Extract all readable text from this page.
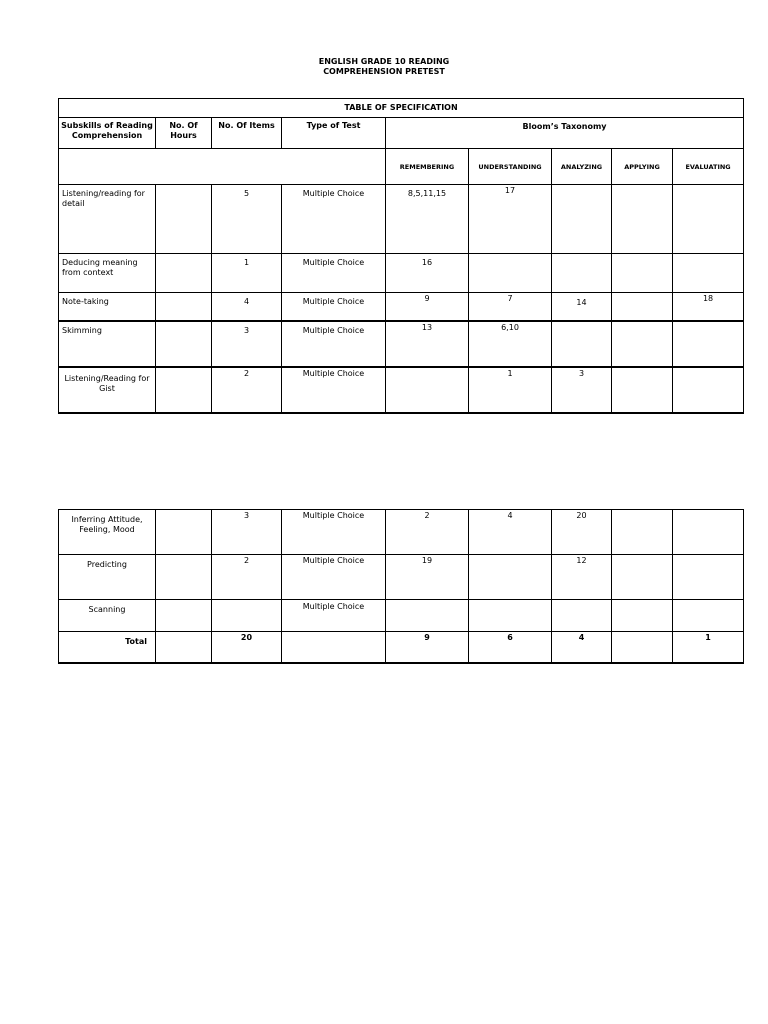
ENGLISH GRADE 10 READING
COMPREHENSION PRETEST
TABLE OF SPECIFICATION								
Subskills of Reading Comprehension	No. Of Hours	No. Of Items	Type of Test	Bloom’s Taxonomy				
				REMEMBERING	UNDERSTANDING	ANALYZING	APPLYING	EVALUATING
Listening/reading for detail		5	Multiple Choice	8,5,11,15	17			
Deducing meaning from context		1	Multiple Choice	16				
Note-taking		4	Multiple Choice	9	7	14		18
Skimming		3	Multiple Choice	13	6,10			
Listening/Reading for Gist		2	Multiple Choice		1	3		
Inferring Attitude, Feeling, Mood		3	Multiple Choice	2	4	20		
Predicting		2	Multiple Choice	19		12		
Scanning			Multiple Choice					
Total		20		9	6	4		1
